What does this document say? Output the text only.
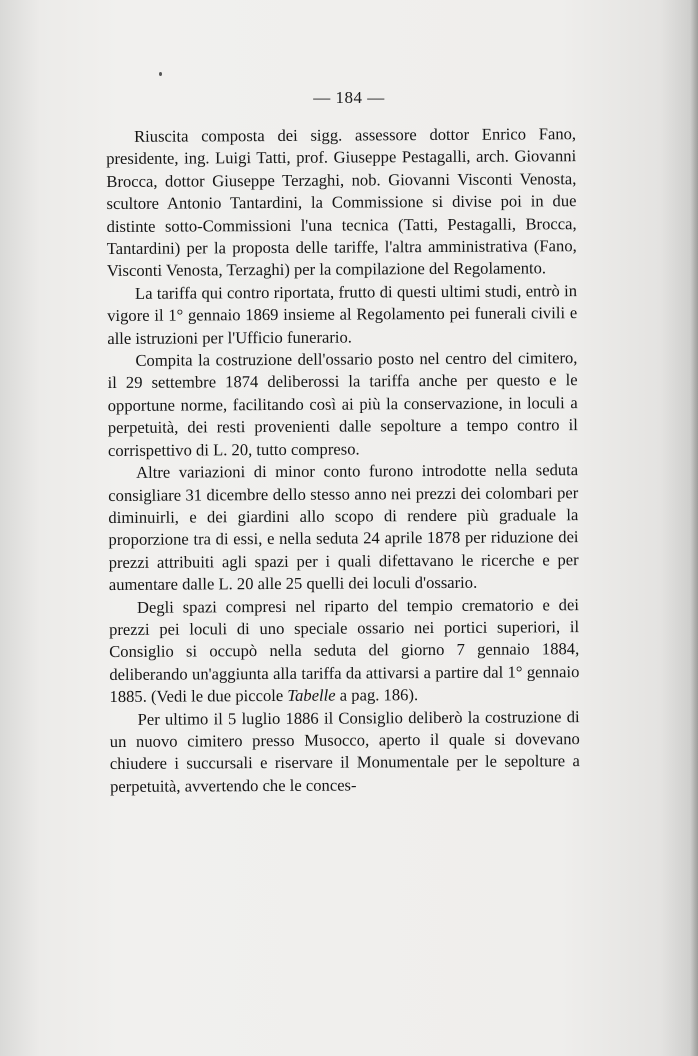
— 184 —

Riuscita composta dei sigg. assessore dottor Enrico Fano, presidente, ing. Luigi Tatti, prof. Giuseppe Pestagalli, arch. Giovanni Brocca, dottor Giuseppe Terzaghi, nob. Giovanni Visconti Venosta, scultore Antonio Tantardini, la Commissione si divise poi in due distinte sotto-Commissioni l'una tecnica (Tatti, Pestagalli, Brocca, Tantardini) per la proposta delle tariffe, l'altra amministrativa (Fano, Visconti Venosta, Terzaghi) per la compilazione del Regolamento.

La tariffa qui contro riportata, frutto di questi ultimi studi, entrò in vigore il 1° gennaio 1869 insieme al Regolamento pei funerali civili e alle istruzioni per l'Ufficio funerario.

Compita la costruzione dell'ossario posto nel centro del cimitero, il 29 settembre 1874 deliberossi la tariffa anche per questo e le opportune norme, facilitando così ai più la conservazione, in loculi a perpetuità, dei resti provenienti dalle sepolture a tempo contro il corrispettivo di L. 20, tutto compreso.

Altre variazioni di minor conto furono introdotte nella seduta consigliare 31 dicembre dello stesso anno nei prezzi dei colombari per diminuirli, e dei giardini allo scopo di rendere più graduale la proporzione tra di essi, e nella seduta 24 aprile 1878 per riduzione dei prezzi attribuiti agli spazi per i quali difettavano le ricerche e per aumentare dalle L. 20 alle 25 quelli dei loculi d'ossario.

Degli spazi compresi nel riparto del tempio crematorio e dei prezzi pei loculi di uno speciale ossario nei portici superiori, il Consiglio si occupò nella seduta del giorno 7 gennaio 1884, deliberando un'aggiunta alla tariffa da attivarsi a partire dal 1° gennaio 1885. (Vedi le due piccole Tabelle a pag. 186).

Per ultimo il 5 luglio 1886 il Consiglio deliberò la costruzione di un nuovo cimitero presso Musocco, aperto il quale si dovevano chiudere i succursali e riservare il Monumentale per le sepolture a perpetuità, avvertendo che le conces-
